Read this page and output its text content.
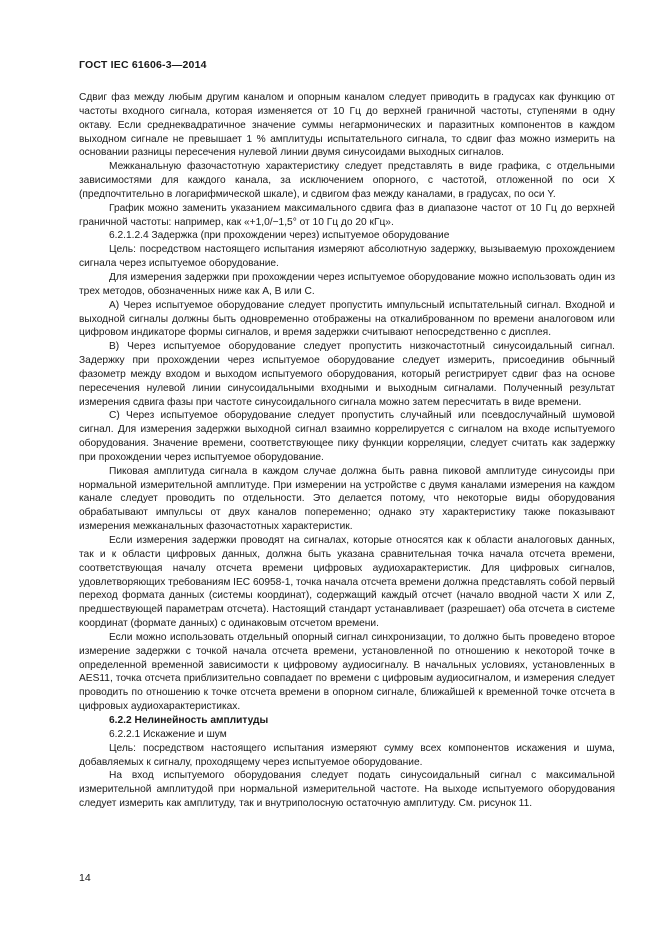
ГОСТ IEC 61606-3—2014

Сдвиг фаз между любым другим каналом и опорным каналом следует приводить в градусах как функцию от частоты входного сигнала, которая изменяется от 10 Гц до верхней граничной частоты, ступенями в одну октаву. Если среднеквадратичное значение суммы негармонических и паразитных компонентов в каждом выходном сигнале не превышает 1 % амплитуды испытательного сигнала, то сдвиг фаз можно измерить на основании разницы пересечения нулевой линии двумя синусоидами выходных сигналов.

Межканальную фазочастотную характеристику следует представлять в виде графика, с отдельными зависимостями для каждого канала, за исключением опорного, с частотой, отложенной по оси X (предпочтительно в логарифмической шкале), и сдвигом фаз между каналами, в градусах, по оси Y.

График можно заменить указанием максимального сдвига фаз в диапазоне частот от 10 Гц до верхней граничной частоты: например, как «+1,0/−1,5° от 10 Гц до 20 кГц».

6.2.1.2.4 Задержка (при прохождении через) испытуемое оборудование

Цель: посредством настоящего испытания измеряют абсолютную задержку, вызываемую прохождением сигнала через испытуемое оборудование.

Для измерения задержки при прохождении через испытуемое оборудование можно использовать один из трех методов, обозначенных ниже как A, B или C.

A) Через испытуемое оборудование следует пропустить импульсный испытательный сигнал. Входной и выходной сигналы должны быть одновременно отображены на откалиброванном по времени аналоговом или цифровом индикаторе формы сигналов, и время задержки считывают непосредственно с дисплея.

B) Через испытуемое оборудование следует пропустить низкочастотный синусоидальный сигнал. Задержку при прохождении через испытуемое оборудование следует измерить, присоединив обычный фазометр между входом и выходом испытуемого оборудования, который регистрирует сдвиг фаз на основе пересечения нулевой линии синусоидальными входными и выходным сигналами. Полученный результат измерения сдвига фазы при частоте синусоидального сигнала можно затем пересчитать в виде времени.

C) Через испытуемое оборудование следует пропустить случайный или псевдослучайный шумовой сигнал. Для измерения задержки выходной сигнал взаимно коррелируется с сигналом на входе испытуемого оборудования. Значение времени, соответствующее пику функции корреляции, следует считать как задержку при прохождении через испытуемое оборудование.

Пиковая амплитуда сигнала в каждом случае должна быть равна пиковой амплитуде синусоиды при нормальной измерительной амплитуде. При измерении на устройстве с двумя каналами измерения на каждом канале следует проводить по отдельности. Это делается потому, что некоторые виды оборудования обрабатывают импульсы от двух каналов попеременно; однако эту характеристику также показывают измерения межканальных фазочастотных характеристик.

Если измерения задержки проводят на сигналах, которые относятся как к области аналоговых данных, так и к области цифровых данных, должна быть указана сравнительная точка начала отсчета времени, соответствующая началу отсчета времени цифровых аудиохарактеристик. Для цифровых сигналов, удовлетворяющих требованиям IEC 60958-1, точка начала отсчета времени должна представлять собой первый переход формата данных (системы координат), содержащий каждый отсчет (начало вводной части X или Z, предшествующей параметрам отсчета). Настоящий стандарт устанавливает (разрешает) оба отсчета в системе координат (формате данных) с одинаковым отсчетом времени.

Если можно использовать отдельный опорный сигнал синхронизации, то должно быть проведено второе измерение задержки с точкой начала отсчета времени, установленной по отношению к некоторой точке в определенной временной зависимости к цифровому аудиосигналу. В начальных условиях, установленных в AES11, точка отсчета приблизительно совпадает по времени с цифровым аудиосигналом, и измерения следует проводить по отношению к точке отсчета времени в опорном сигнале, ближайшей к временной точке отсчета в цифровых аудиохарактеристиках.

6.2.2 Нелинейность амплитуды

6.2.2.1 Искажение и шум

Цель: посредством настоящего испытания измеряют сумму всех компонентов искажения и шума, добавляемых к сигналу, проходящему через испытуемое оборудование.

На вход испытуемого оборудования следует подать синусоидальный сигнал с максимальной измерительной амплитудой при нормальной измерительной частоте. На выходе испытуемого оборудования следует измерить как амплитуду, так и внутриполосную остаточную амплитуду. См. рисунок 11.

14
